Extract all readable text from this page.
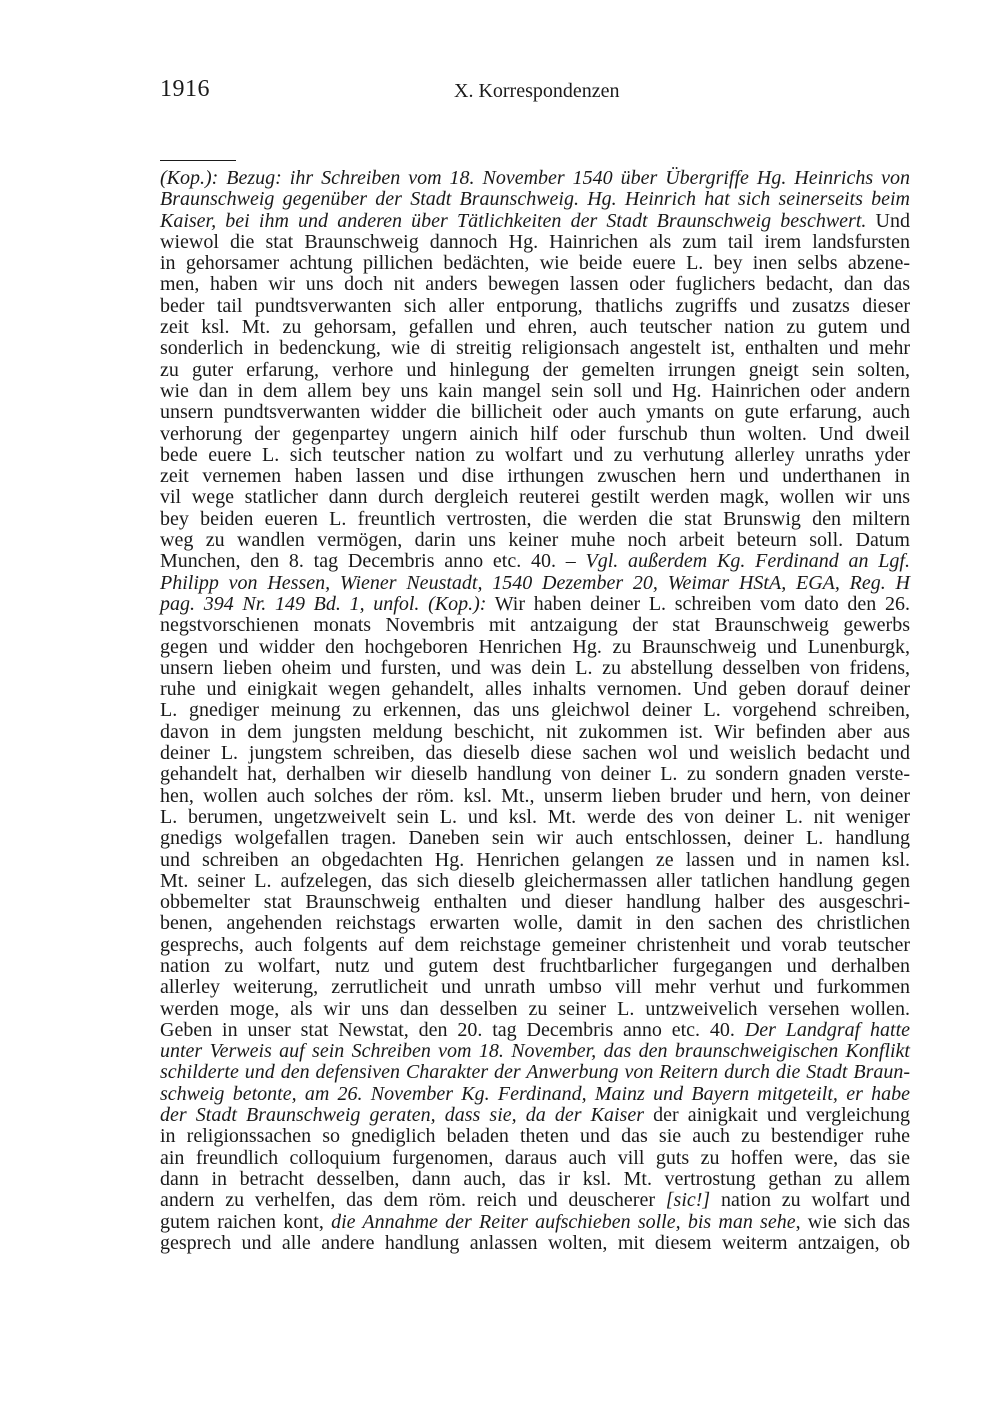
1916	X. Korrespondenzen
(Kop.): Bezug: ihr Schreiben vom 18. November 1540 über Übergriffe Hg. Heinrichs von
Braunschweig gegenüber der Stadt Braunschweig. Hg. Heinrich hat sich seinerseits beim
Kaiser, bei ihm und anderen über Tätlichkeiten der Stadt Braunschweig beschwert. Und
wiewol die stat Braunschweig dannoch Hg. Hainrichen als zum tail irem landsfursten
in gehorsamer achtung pillichen bedächten, wie beide euere L. bey inen selbs abzene-
men, haben wir uns doch nit anders bewegen lassen oder fuglichers bedacht, dan das
beder tail pundtsverwanten sich aller entporung, thatlichs zugriffs und zusatzs dieser
zeit ksl. Mt. zu gehorsam, gefallen und ehren, auch teutscher nation zu gutem und
sonderlich in bedenckung, wie di streitig religionsach angestelt ist, enthalten und mehr
zu guter erfarung, verhore und hinlegung der gemelten irrungen gneigt sein solten,
wie dan in dem allem bey uns kain mangel sein soll und Hg. Hainrichen oder andern
unsern pundtsverwanten widder die billicheit oder auch ymants on gute erfarung, auch
verhorung der gegenpartey ungern ainich hilf oder furschub thun wolten. Und dweil
bede euere L. sich teutscher nation zu wolfart und zu verhutung allerley unraths yder
zeit vernemen haben lassen und dise irthungen zwuschen hern und underthanen in
vil wege statlicher dann durch dergleich reuterei gestilt werden magk, wollen wir uns
bey beiden eueren L. freuntlich vertrosten, die werden die stat Brunswig den miltern
weg zu wandlen vermögen, darin uns keiner muhe noch arbeit beteurn soll. Datum
Munchen, den 8. tag Decembris anno etc. 40. – Vgl. außerdem Kg. Ferdinand an Lgf.
Philipp von Hessen, Wiener Neustadt, 1540 Dezember 20, Weimar HStA, EGA, Reg. H
pag. 394 Nr. 149 Bd. 1, unfol. (Kop.): Wir haben deiner L. schreiben vom dato den 26.
negstvorschienen monats Novembris mit antzaigung der stat Braunschweig gewerbs
gegen und widder den hochgeboren Henrichen Hg. zu Braunschweig und Lunenburgk,
unsern lieben oheim und fursten, und was dein L. zu abstellung desselben von fridens,
ruhe und einigkait wegen gehandelt, alles inhalts vernomen. Und geben dorauf deiner
L. gnediger meinung zu erkennen, das uns gleichwol deiner L. vorgehend schreiben,
davon in dem jungsten meldung beschicht, nit zukommen ist. Wir befinden aber aus
deiner L. jungstem schreiben, das dieselb diese sachen wol und weislich bedacht und
gehandelt hat, derhalben wir dieselb handlung von deiner L. zu sondern gnaden verste-
hen, wollen auch solches der röm. ksl. Mt., unserm lieben bruder und hern, von deiner
L. berumen, ungetzweivelt sein L. und ksl. Mt. werde des von deiner L. nit weniger
gnedigs wolgefallen tragen. Daneben sein wir auch entschlossen, deiner L. handlung
und schreiben an obgedachten Hg. Henrichen gelangen ze lassen und in namen ksl.
Mt. seiner L. aufzelegen, das sich dieselb gleichermassen aller tatlichen handlung gegen
obbemelter stat Braunschweig enthalten und dieser handlung halber des ausgeschri-
benen, angehenden reichstags erwarten wolle, damit in den sachen des christlichen
gesprechs, auch folgents auf dem reichstage gemeiner christenheit und vorab teutscher
nation zu wolfart, nutz und gutem dest fruchtbarlicher furgegangen und derhalben
allerley weiterung, zerrutlicheit und unrath umbso vill mehr verhut und furkommen
werden moge, als wir uns dan desselben zu seiner L. untzweivelich versehen wollen.
Geben in unser stat Newstat, den 20. tag Decembris anno etc. 40. Der Landgraf hatte
unter Verweis auf sein Schreiben vom 18. November, das den braunschweigischen Konflikt
schilderte und den defensiven Charakter der Anwerbung von Reitern durch die Stadt Braun-
schweig betonte, am 26. November Kg. Ferdinand, Mainz und Bayern mitgeteilt, er habe
der Stadt Braunschweig geraten, dass sie, da der Kaiser der ainigkait und vergleichung
in religionssachen so gnediglich beladen theten und das sie auch zu bestendiger ruhe
ain freundlich colloquium furgenomen, daraus auch vill guts zu hoffen were, das sie
dann in betracht desselben, dann auch, das ir ksl. Mt. vertrostung gethan zu allem
andern zu verhelfen, das dem röm. reich und deuscherer [sic!] nation zu wolfart und
gutem raichen kont, die Annahme der Reiter aufschieben solle, bis man sehe, wie sich das
gesprech und alle andere handlung anlassen wolten, mit diesem weiterm antzaigen, ob
